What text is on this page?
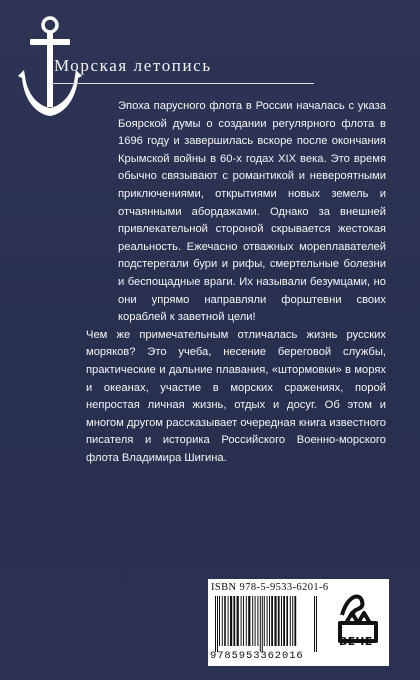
Морская летопись

Эпоха парусного флота в России началась с указа Боярской думы о создании регулярного флота в 1696 году и завершилась вскоре после окончания Крымской войны в 60-х годах XIX века. Это время обычно связывают с романтикой и невероятными приключениями, открытиями новых земель и отчаянными абордажами. Однако за внешней привлекательной стороной скрывается жестокая реальность. Ежечасно отважных мореплавателей подстерегали бури и рифы, смертельные болезни и беспощадные враги. Их называли безумцами, но они упрямо направляли форштевни своих кораблей к заветной цели!

Чем же примечательным отличалась жизнь русских моряков? Это учеба, несение береговой службы, практические и дальние плавания, «штормовки» в морях и океанах, участие в морских сражениях, порой непростая личная жизнь, отдых и досуг. Об этом и многом другом рассказывает очередная книга известного писателя и историка Российского Военно-морского флота Владимира Шигина.

ISBN 978-5-9533-6201-6
9785953362016
ВЕЧЕ
